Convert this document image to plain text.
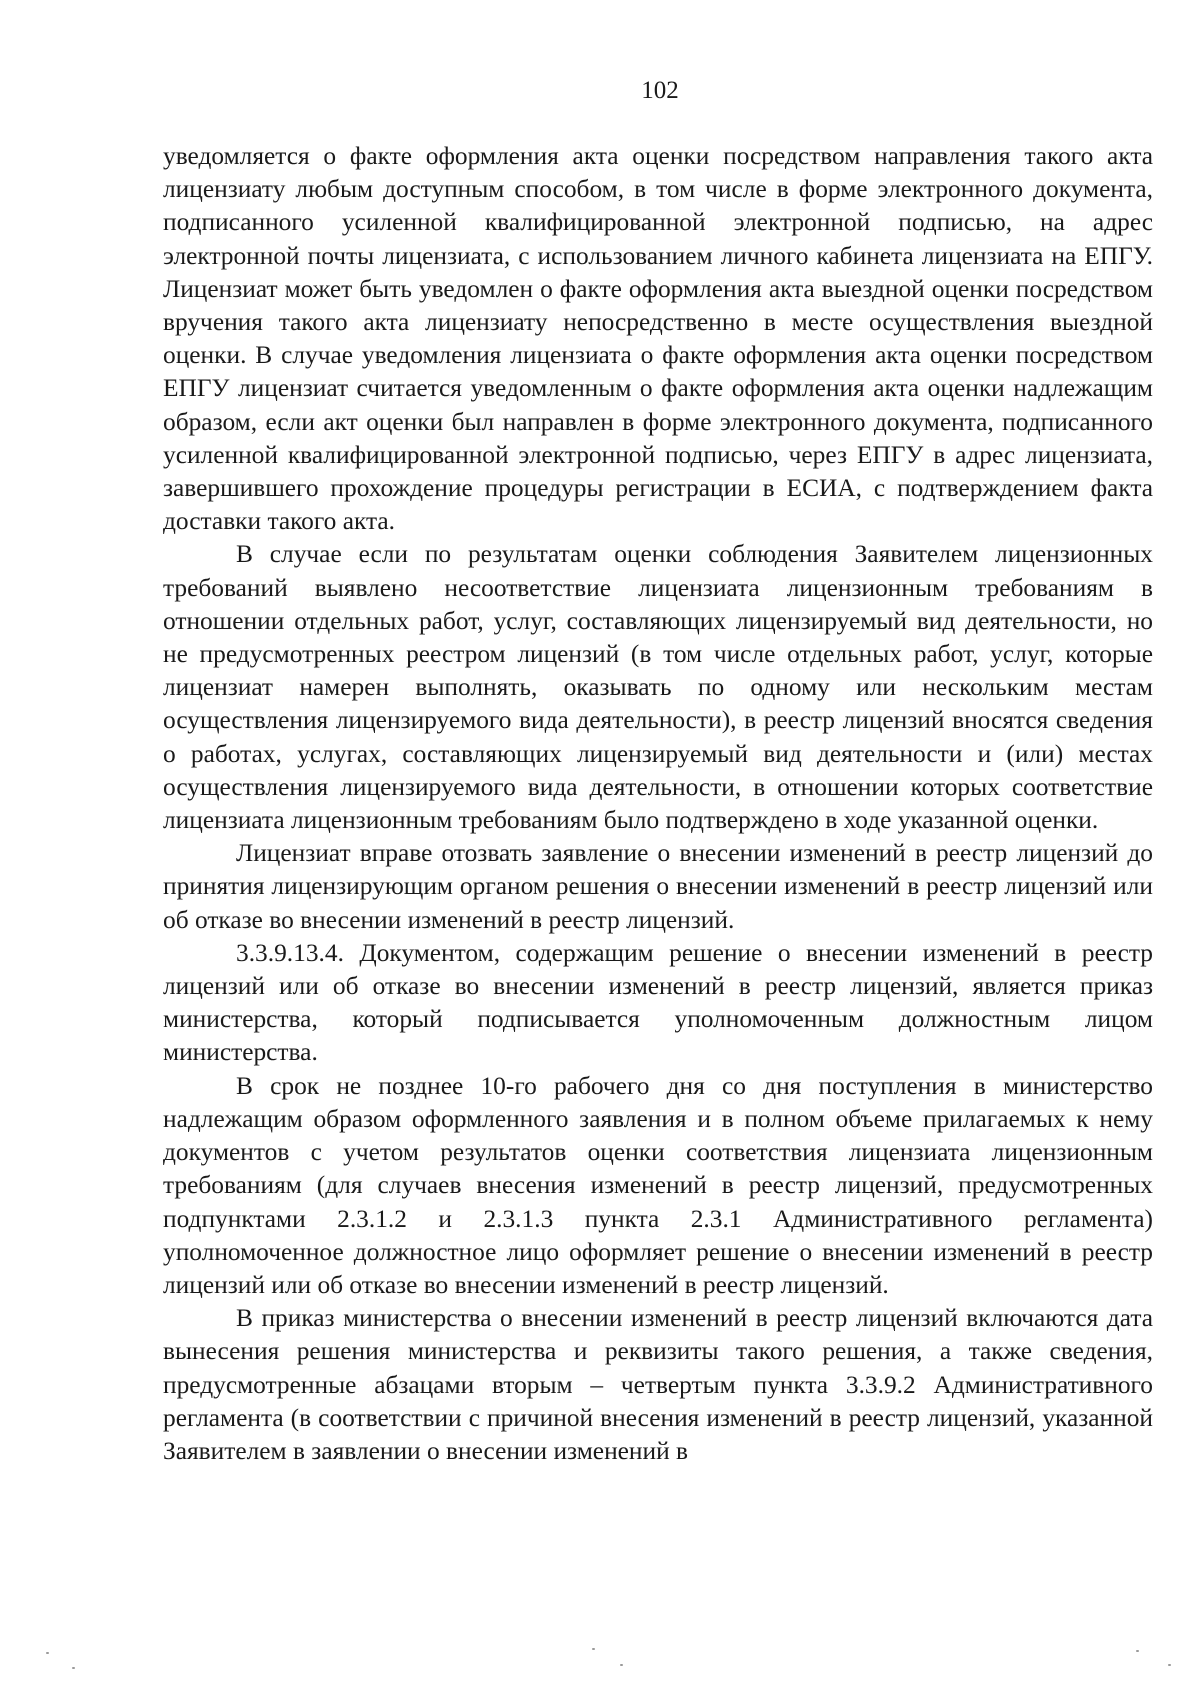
102

уведомляется о факте оформления акта оценки посредством направления такого акта лицензиату любым доступным способом, в том числе в форме электронного документа, подписанного усиленной квалифицированной электронной подписью, на адрес электронной почты лицензиата, с использованием личного кабинета лицензиата на ЕПГУ. Лицензиат может быть уведомлен о факте оформления акта выездной оценки посредством вручения такого акта лицензиату непосредственно в месте осуществления выездной оценки. В случае уведомления лицензиата о факте оформления акта оценки посредством ЕПГУ лицензиат считается уведомленным о факте оформления акта оценки надлежащим образом, если акт оценки был направлен в форме электронного документа, подписанного усиленной квалифицированной электронной подписью, через ЕПГУ в адрес лицензиата, завершившего прохождение процедуры регистрации в ЕСИА, с подтверждением факта доставки такого акта.

В случае если по результатам оценки соблюдения Заявителем лицензионных требований выявлено несоответствие лицензиата лицензионным требованиям в отношении отдельных работ, услуг, составляющих лицензируемый вид деятельности, но не предусмотренных реестром лицензий (в том числе отдельных работ, услуг, которые лицензиат намерен выполнять, оказывать по одному или нескольким местам осуществления лицензируемого вида деятельности), в реестр лицензий вносятся сведения о работах, услугах, составляющих лицензируемый вид деятельности и (или) местах осуществления лицензируемого вида деятельности, в отношении которых соответствие лицензиата лицензионным требованиям было подтверждено в ходе указанной оценки.

Лицензиат вправе отозвать заявление о внесении изменений в реестр лицензий до принятия лицензирующим органом решения о внесении изменений в реестр лицензий или об отказе во внесении изменений в реестр лицензий.

3.3.9.13.4. Документом, содержащим решение о внесении изменений в реестр лицензий или об отказе во внесении изменений в реестр лицензий, является приказ министерства, который подписывается уполномоченным должностным лицом министерства.

В срок не позднее 10-го рабочего дня со дня поступления в министерство надлежащим образом оформленного заявления и в полном объеме прилагаемых к нему документов с учетом результатов оценки соответствия лицензиата лицензионным требованиям (для случаев внесения изменений в реестр лицензий, предусмотренных подпунктами 2.3.1.2 и 2.3.1.3 пункта 2.3.1 Административного регламента) уполномоченное должностное лицо оформляет решение о внесении изменений в реестр лицензий или об отказе во внесении изменений в реестр лицензий.

В приказ министерства о внесении изменений в реестр лицензий включаются дата вынесения решения министерства и реквизиты такого решения, а также сведения, предусмотренные абзацами вторым – четвертым пункта 3.3.9.2 Административного регламента (в соответствии с причиной внесения изменений в реестр лицензий, указанной Заявителем в заявлении о внесении изменений в
